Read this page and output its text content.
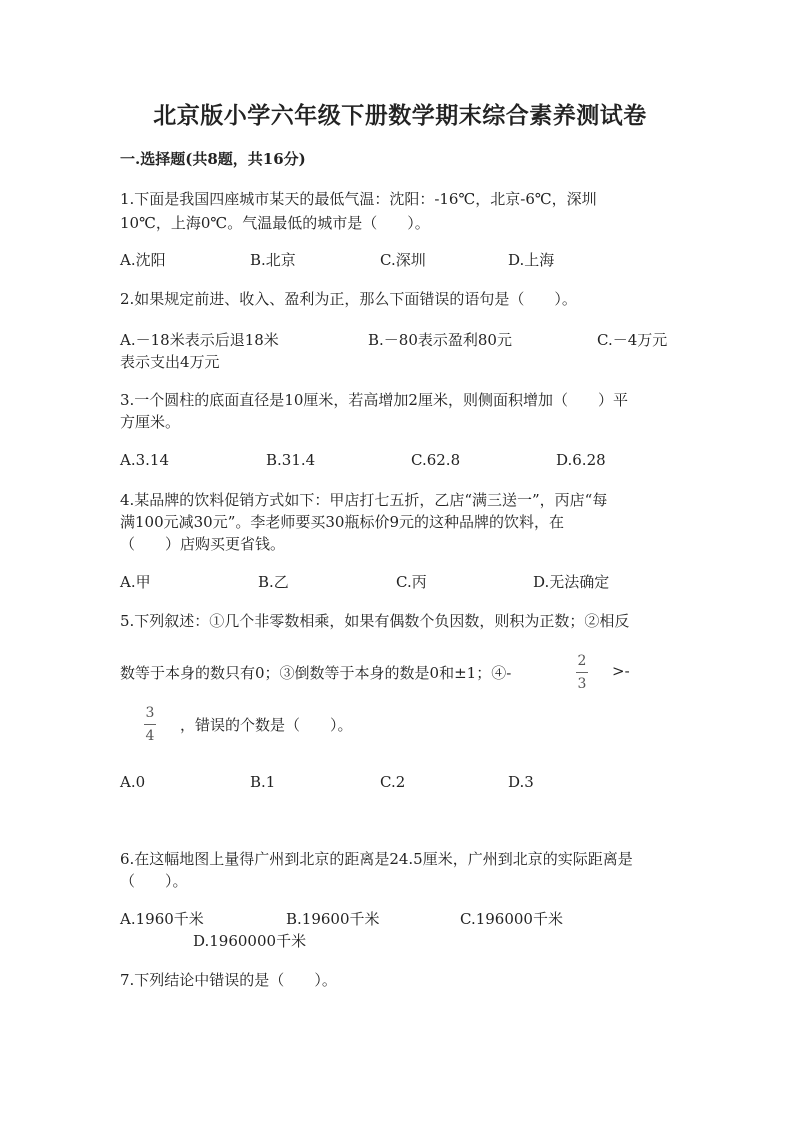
北京版小学六年级下册数学期末综合素养测试卷
一.选择题(共8题，共16分)
1.下面是我国四座城市某天的最低气温：沈阳：-16℃，北京-6℃，深圳
10℃，上海0℃。气温最低的城市是（　　）。
A.沈阳	B.北京	C.深圳	D.上海
2.如果规定前进、收入、盈利为正，那么下面错误的语句是（　　）。
A.－18米表示后退18米	B.－80表示盈利80元	C.－4万元
表示支出4万元
3.一个圆柱的底面直径是10厘米，若高增加2厘米，则侧面积增加（　　）平
方厘米。
A.3.14	B.31.4	C.62.8	D.6.28
4.某品牌的饮料促销方式如下：甲店打七五折，乙店“满三送一”，丙店“每
满100元减30元”。李老师要买30瓶标价9元的这种品牌的饮料，在
（　　）店购买更省钱。
A.甲	B.乙	C.丙	D.无法确定
5.下列叙述：①几个非零数相乘，如果有偶数个负因数，则积为正数；②相反
数等于本身的数只有0；③倒数等于本身的数是0和±1；④-
2
3
>-
3
4
，错误的个数是（　　）。
A.0	B.1	C.2	D.3
6.在这幅地图上量得广州到北京的距离是24.5厘米，广州到北京的实际距离是
（　　）。
A.1960千米	B.19600千米	C.196000千米
D.1960000千米
7.下列结论中错误的是（　　）。
